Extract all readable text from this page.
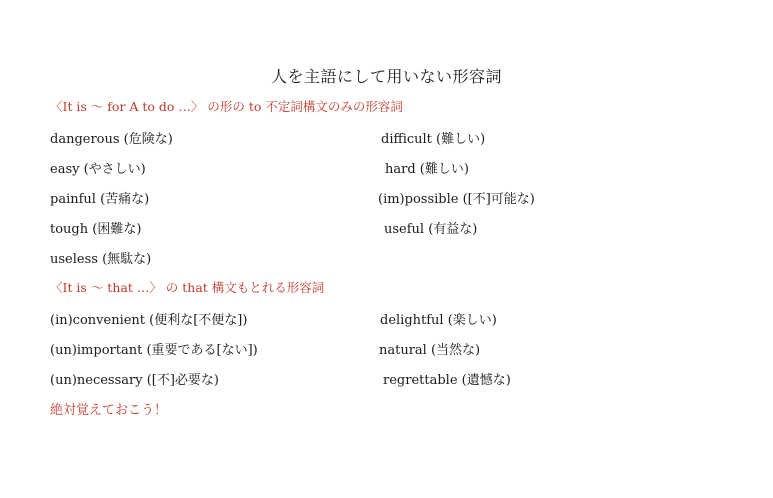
人を主語にして用いない形容詞
〈It is 〜 for A to do …〉 の形の to 不定詞構文のみの形容詞
dangerous (危険な)	difficult (難しい)
easy (やさしい)	hard (難しい)
painful (苦痛な)	(im)possible ([不]可能な)
tough (困難な)	useful (有益な)
useless (無駄な)
〈It is 〜 that …〉 の that 構文もとれる形容詞
(in)convenient (便利な[不便な])	delightful (楽しい)
(un)important (重要である[ない])	natural (当然な)
(un)necessary ([不]必要な)	regrettable (遺憾な)
絶対覚えておこう！
